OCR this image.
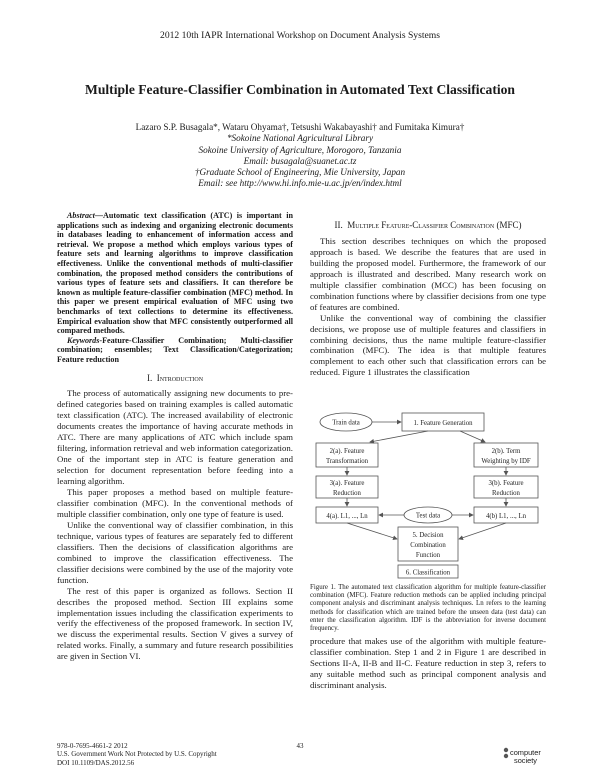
2012 10th IAPR International Workshop on Document Analysis Systems
Multiple Feature-Classifier Combination in Automated Text Classification
Lazaro S.P. Busagala*, Wataru Ohyama†, Tetsushi Wakabayashi† and Fumitaka Kimura†
*Sokoine National Agricultural Library
Sokoine University of Agriculture, Morogoro, Tanzania
Email: busagala@suanet.ac.tz
†Graduate School of Engineering, Mie University, Japan
Email: see http://www.hi.info.mie-u.ac.jp/en/index.html

Abstract—Automatic text classification (ATC) is important in applications such as indexing and organizing electronic documents in databases leading to enhancement of information access and retrieval. We propose a method which employs various types of feature sets and learning algorithms to improve classification effectiveness. Unlike the conventional methods of multi-classifier combination, the proposed method considers the contributions of various types of feature sets and classifiers. It can therefore be known as multiple feature-classifier combination (MFC) method. In this paper we present empirical evaluation of MFC using two benchmarks of text collections to determine its effectiveness. Empirical evaluation show that MFC consistently outperformed all compared methods.

Keywords-Feature-Classifier Combination; Multi-classifier combination; ensembles; Text Classification/Categorization; Feature reduction

I. Introduction

The process of automatically assigning new documents to pre-defined categories based on training examples is called automatic text classification (ATC). The increased availability of electronic documents creates the importance of having accurate methods in ATC. There are many applications of ATC which include spam filtering, information retrieval and web information categorization. One of the important step in ATC is feature generation and selection for document representation before feeding into a learning algorithm.

This paper proposes a method based on multiple feature-classifier combination (MFC). In the conventional methods of multiple classifier combination, only one type of feature is used.

Unlike the conventional way of classifier combination, in this technique, various types of features are separately fed to different classifiers. Then the decisions of classification algorithms are combined to improve the classification effectiveness. The classifier decisions were combined by the use of the majority vote function.

The rest of this paper is organized as follows. Section II describes the proposed method. Section III explains some implementation issues including the classification experiments to verify the effectiveness of the proposed framework. In section IV, we discuss the experimental results. Section V gives a survey of related works. Finally, a summary and future research possibilities are given in Section VI.

II. Multiple Feature-Classifier Combination (MFC)

This section describes techniques on which the proposed approach is based. We describe the features that are used in building the proposed model. Furthermore, the framework of our approach is illustrated and described. Many research work on multiple classifier combination (MCC) has been focusing on combination functions where by classifier decisions from one type of features are combined.

Unlike the conventional way of combining the classifier decisions, we propose use of multiple features and classifiers in combining decisions, thus the name multiple feature-classifier combination (MFC). The idea is that multiple features complement to each other such that classification errors can be reduced. Figure 1 illustrates the classification

Train data	1. Feature Generation
2(a). Feature
Transformation
2(b). Term
Weighting by IDF
3(a). Feature
Reduction
3(b). Feature
Reduction
4(a). L1, ..., Ln	Test data	4(b) L1, ..., Ln
5. Decision
Combination
Function
6. Classification
Figure 1. The automated text classification algorithm for multiple feature-classifier combination (MFC). Feature reduction methods can be applied including principal component analysis and discriminant analysis techniques. Ln refers to the learning methods for classification which are trained before the unseen data (test data) can enter the classification algorithm. IDF is the abbreviation for inverse document frequency.

procedure that makes use of the algorithm with multiple feature-classifier combination. Step 1 and 2 in Figure 1 are described in Sections II-A, II-B and II-C. Feature reduction in step 3, refers to any suitable method such as principal component analysis and discriminant analysis.

978-0-7695-4661-2 2012
U.S. Government Work Not Protected by U.S. Copyright
DOI 10.1109/DAS.2012.56
43
computer
society
